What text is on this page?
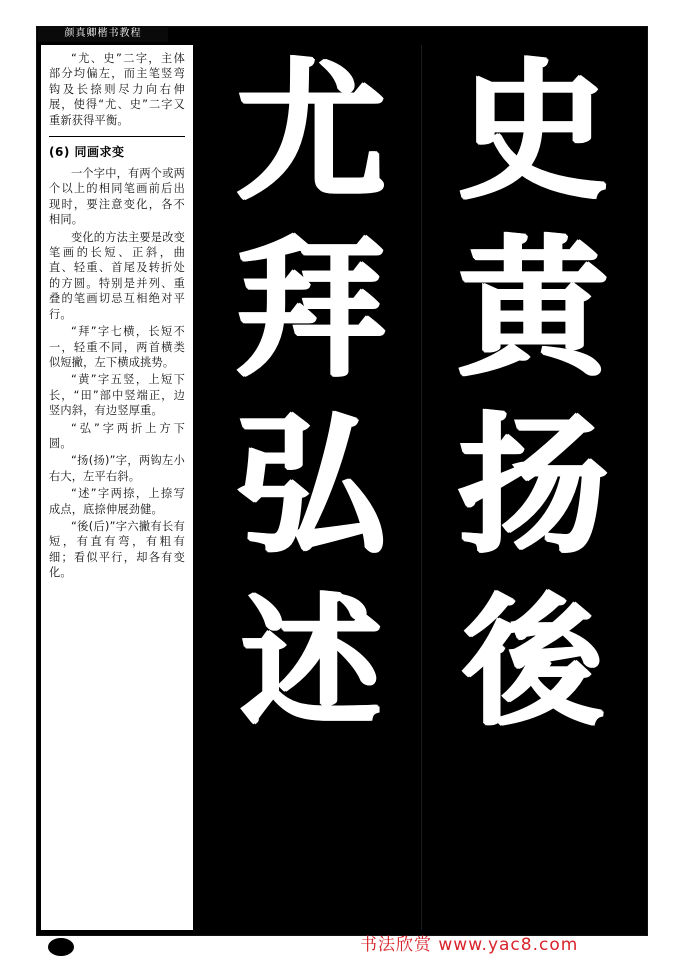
颜真卿楷书教程

“尤、史”二字，主体部分均偏左，而主笔竖弯钩及长捺则尽力向右伸展，使得“尤、史”二字又重新获得平衡。

(6) 同画求变

一个字中，有两个或两个以上的相同笔画前后出现时，要注意变化，各不相同。

变化的方法主要是改变笔画的长短、正斜，曲直、轻重、首尾及转折处的方圆。特别是并列、重叠的笔画切忌互相绝对平行。

“拜”字七横，长短不一，轻重不同，两首横类似短撇，左下横成挑势。

“黄”字五竖，上短下长，“田”部中竖端正，边竖内斜，有边竖厚重。

“弘”字两折上方下圆。

“扬(扬)”字，两钩左小右大，左平右斜。

“述”字两捺，上捺写成点，底捺伸展劲健。

“後(后)”字六撇有长有短，有直有弯，有粗有细；看似平行，却各有变化。

尤 史
拜 黄
弘 扬
述 後
书法欣赏 www.yac8.com
